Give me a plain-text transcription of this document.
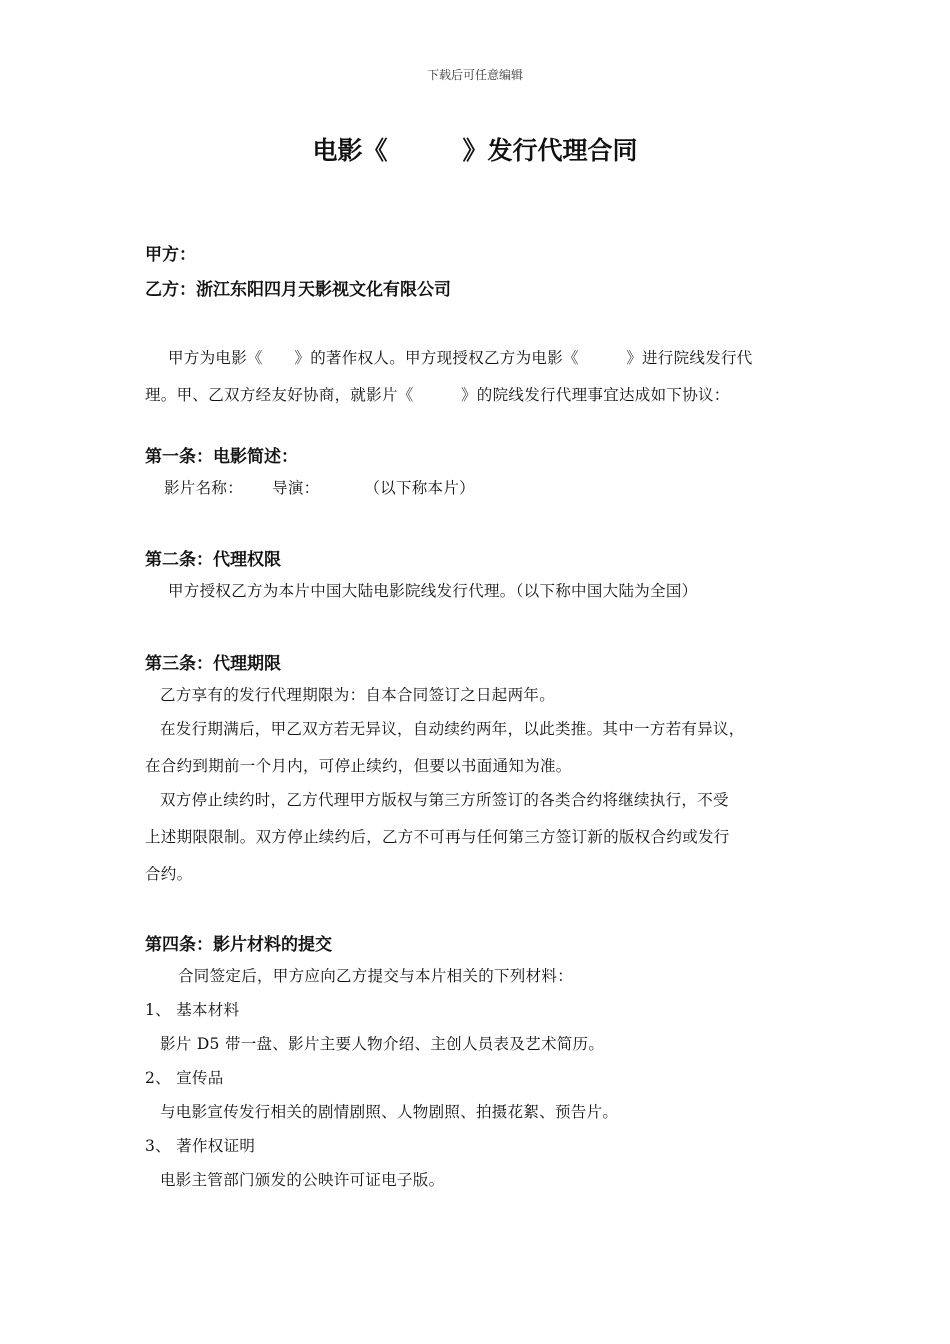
下载后可任意编辑
电影《　　　》发行代理合同
甲方：
乙方：浙江东阳四月天影视文化有限公司
甲方为电影《　　》的著作权人。甲方现授权乙方为电影《　　　》进行院线发行代
理。甲、乙双方经友好协商，就影片《　　　》的院线发行代理事宜达成如下协议：
第一条：电影简述：
影片名称：　　 导演：　　　 （以下称本片）
第二条：代理权限
甲方授权乙方为本片中国大陆电影院线发行代理。（以下称中国大陆为全国）
第三条：代理期限
乙方享有的发行代理期限为：自本合同签订之日起两年。
在发行期满后，甲乙双方若无异议，自动续约两年，以此类推。其中一方若有异议，
在合约到期前一个月内，可停止续约，但要以书面通知为准。
双方停止续约时，乙方代理甲方版权与第三方所签订的各类合约将继续执行，不受
上述期限限制。双方停止续约后，乙方不可再与任何第三方签订新的版权合约或发行
合约。
第四条：影片材料的提交
合同签定后，甲方应向乙方提交与本片相关的下列材料：
1、 基本材料
影片 D5 带一盘、影片主要人物介绍、主创人员表及艺术简历。
2、 宣传品
与电影宣传发行相关的剧情剧照、人物剧照、拍摄花絮、预告片。
3、 著作权证明
电影主管部门颁发的公映许可证电子版。
